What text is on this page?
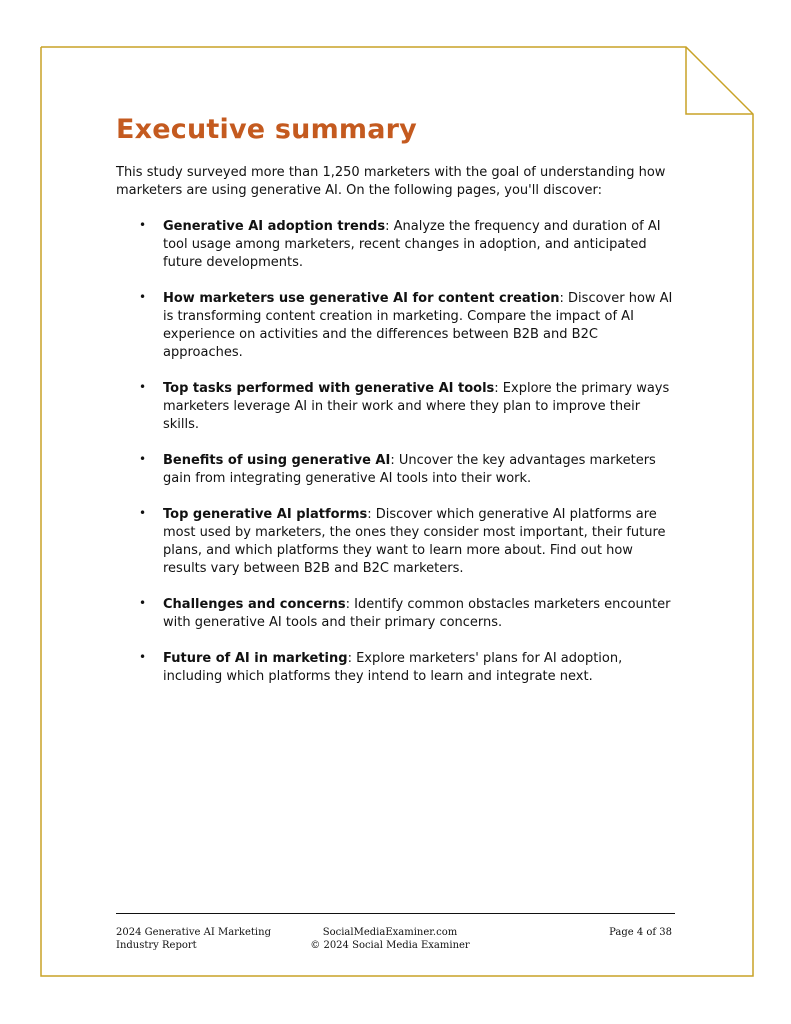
Executive summary

This study surveyed more than 1,250 marketers with the goal of understanding how marketers are using generative AI. On the following pages, you'll discover:

• Generative AI adoption trends: Analyze the frequency and duration of AI tool usage among marketers, recent changes in adoption, and anticipated future developments.
• How marketers use generative AI for content creation: Discover how AI is transforming content creation in marketing. Compare the impact of AI experience on activities and the differences between B2B and B2C approaches.
• Top tasks performed with generative AI tools: Explore the primary ways marketers leverage AI in their work and where they plan to improve their skills.
• Benefits of using generative AI: Uncover the key advantages marketers gain from integrating generative AI tools into their work.
• Top generative AI platforms: Discover which generative AI platforms are most used by marketers, the ones they consider most important, their future plans, and which platforms they want to learn more about. Find out how results vary between B2B and B2C marketers.
• Challenges and concerns: Identify common obstacles marketers encounter with generative AI tools and their primary concerns.
• Future of AI in marketing: Explore marketers' plans for AI adoption, including which platforms they intend to learn and integrate next.
2024 Generative AI Marketing
Industry Report
SocialMediaExaminer.com
© 2024 Social Media Examiner
Page 4 of 38
